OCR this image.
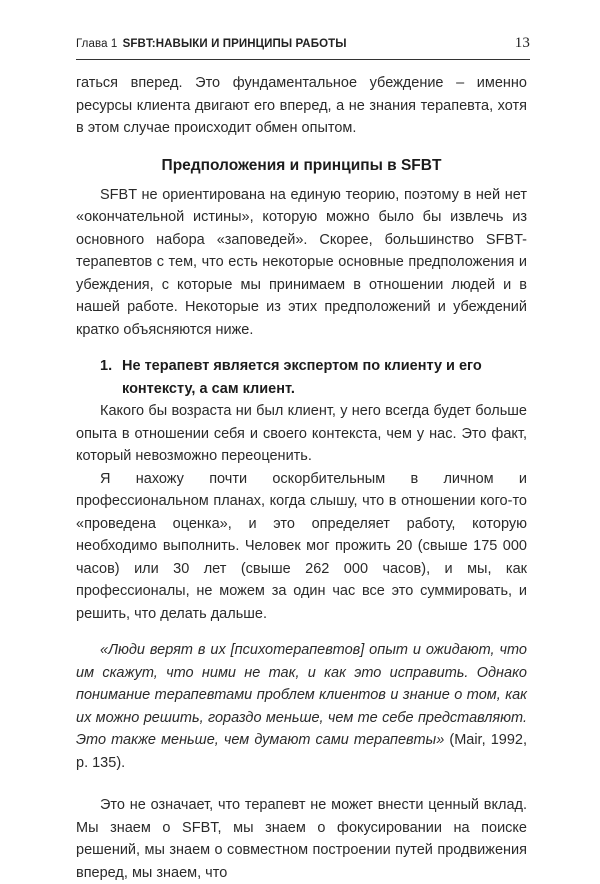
Глава 1 SFBT:НАВЫКИ И ПРИНЦИПЫ РАБОТЫ	13

гаться вперед. Это фундаментальное убеждение – именно ресурсы клиента двигают его вперед, а не знания терапевта, хотя в этом случае происходит обмен опытом.

Предположения и принципы в SFBT

SFBT не ориентирована на единую теорию, поэтому в ней нет «окончательной истины», которую можно было бы извлечь из основного набора «заповедей». Скорее, большинство SFBT-терапевтов с тем, что есть некоторые основные предположения и убеждения, с которые мы принимаем в отношении людей и в нашей работе. Некоторые из этих предположений и убеждений кратко объясняются ниже.

1. Не терапевт является экспертом по клиенту и его контексту, а сам клиент.

Какого бы возраста ни был клиент, у него всегда будет больше опыта в отношении себя и своего контекста, чем у нас. Это факт, который невозможно переоценить.

Я нахожу почти оскорбительным в личном и профессиональном планах, когда слышу, что в отношении кого-то «проведена оценка», и это определяет работу, которую необходимо выполнить. Человек мог прожить 20 (свыше 175 000 часов) или 30 лет (свыше 262 000 часов), и мы, как профессионалы, не можем за один час все это суммировать, и решить, что делать дальше.

«Люди верят в их [психотерапевтов] опыт и ожидают, что им скажут, что ними не так, и как это исправить. Однако понимание терапевтами проблем клиентов и знание о том, как их можно решить, гораздо меньше, чем те себе представляют. Это также меньше, чем думают сами терапевты» (Mair, 1992, p. 135).

Это не означает, что терапевт не может внести ценный вклад. Мы знаем о SFBT, мы знаем о фокусировании на поиске решений, мы знаем о совместном построении путей продвижения вперед, мы знаем, что
